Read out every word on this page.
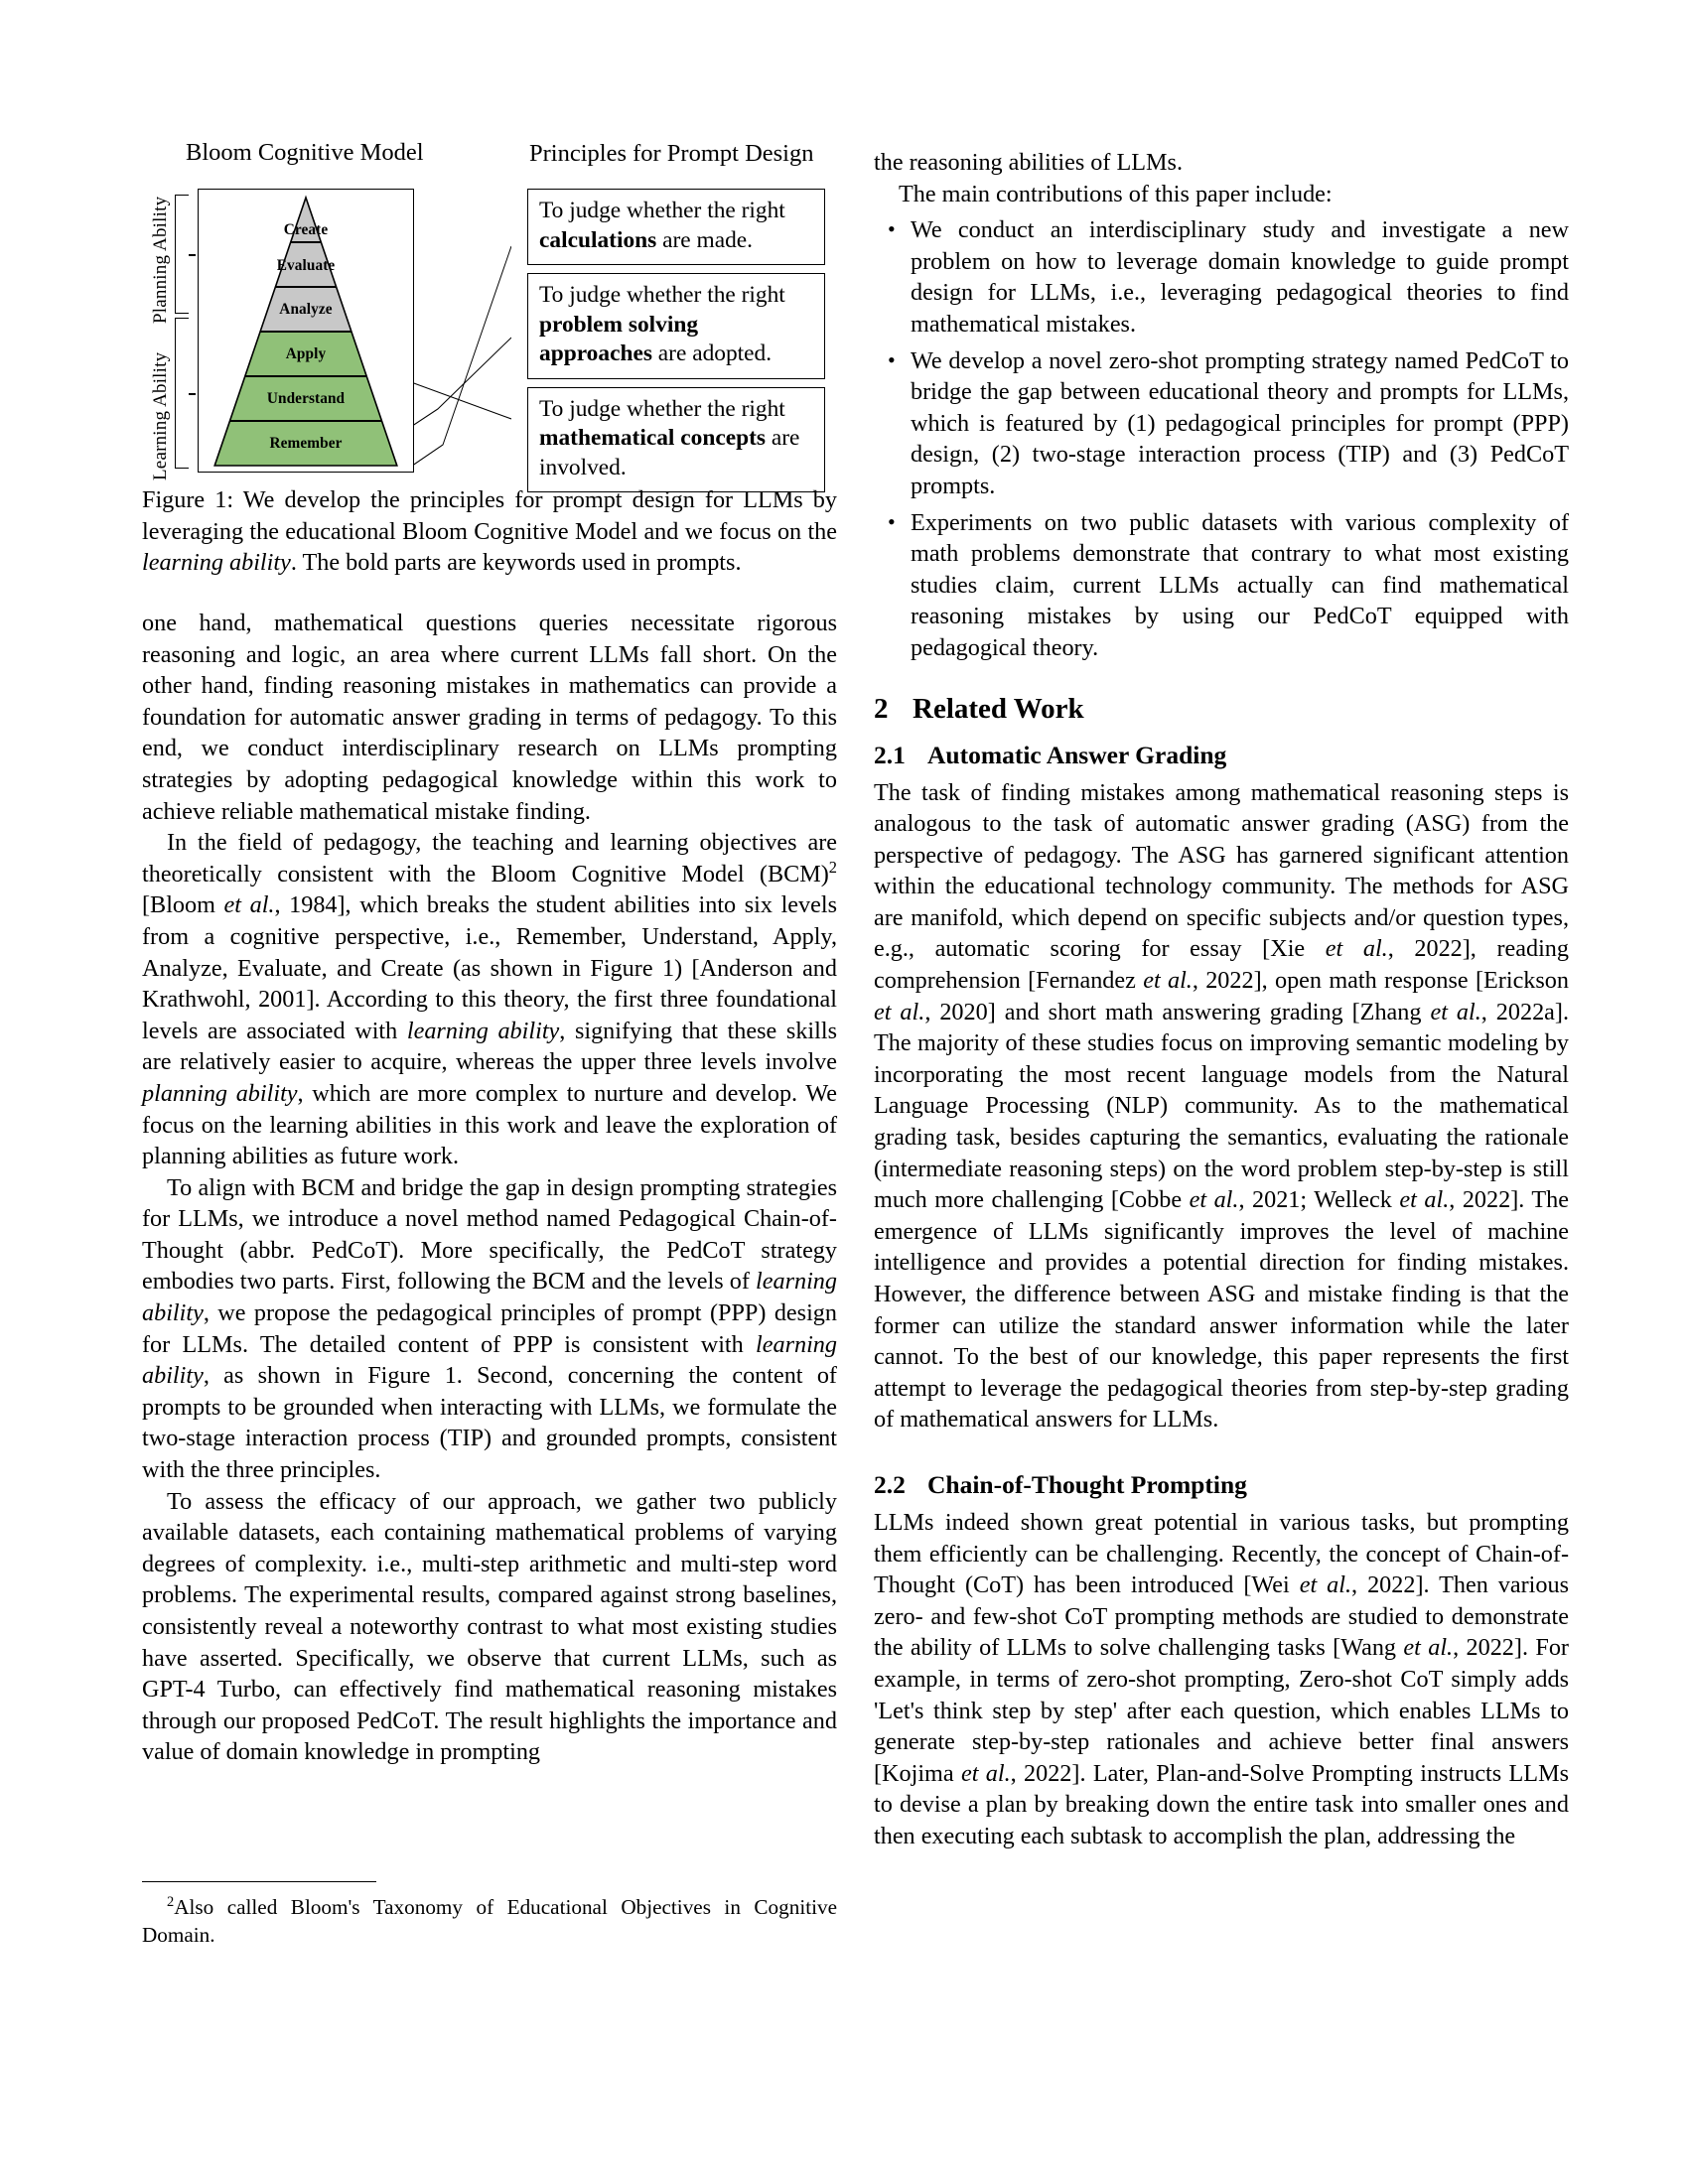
Bloom Cognitive Model	Principles for Prompt Design
Planning Ability
Learning Ability
Create
Evaluate
Analyze
Apply
Understand
Remember
To judge whether the right calculations are made.
To judge whether the right problem solving approaches are adopted.
To judge whether the right mathematical concepts are involved.
Figure 1: We develop the principles for prompt design for LLMs by leveraging the educational Bloom Cognitive Model and we focus on the learning ability. The bold parts are keywords used in prompts.

one hand, mathematical questions queries necessitate rigorous reasoning and logic, an area where current LLMs fall short. On the other hand, finding reasoning mistakes in mathematics can provide a foundation for automatic answer grading in terms of pedagogy. To this end, we conduct interdisciplinary research on LLMs prompting strategies by adopting pedagogical knowledge within this work to achieve reliable mathematical mistake finding.

In the field of pedagogy, the teaching and learning objectives are theoretically consistent with the Bloom Cognitive Model (BCM)$^2$ [Bloom et al., 1984], which breaks the student abilities into six levels from a cognitive perspective, i.e., Remember, Understand, Apply, Analyze, Evaluate, and Create (as shown in Figure 1) [Anderson and Krathwohl, 2001]. According to this theory, the first three foundational levels are associated with learning ability, signifying that these skills are relatively easier to acquire, whereas the upper three levels involve planning ability, which are more complex to nurture and develop. We focus on the learning abilities in this work and leave the exploration of planning abilities as future work.

To align with BCM and bridge the gap in design prompting strategies for LLMs, we introduce a novel method named Pedagogical Chain-of-Thought (abbr. PedCoT). More specifically, the PedCoT strategy embodies two parts. First, following the BCM and the levels of learning ability, we propose the pedagogical principles of prompt (PPP) design for LLMs. The detailed content of PPP is consistent with learning ability, as shown in Figure 1. Second, concerning the content of prompts to be grounded when interacting with LLMs, we formulate the two-stage interaction process (TIP) and grounded prompts, consistent with the three principles.

To assess the efficacy of our approach, we gather two publicly available datasets, each containing mathematical problems of varying degrees of complexity. i.e., multi-step arithmetic and multi-step word problems. The experimental results, compared against strong baselines, consistently reveal a noteworthy contrast to what most existing studies have asserted. Specifically, we observe that current LLMs, such as GPT-4 Turbo, can effectively find mathematical reasoning mistakes through our proposed PedCoT. The result highlights the importance and value of domain knowledge in prompting

$^2$Also called Bloom's Taxonomy of Educational Objectives in Cognitive Domain.

the reasoning abilities of LLMs.

The main contributions of this paper include:

• We conduct an interdisciplinary study and investigate a new problem on how to leverage domain knowledge to guide prompt design for LLMs, i.e., leveraging pedagogical theories to find mathematical mistakes.
• We develop a novel zero-shot prompting strategy named PedCoT to bridge the gap between educational theory and prompts for LLMs, which is featured by (1) pedagogical principles for prompt (PPP) design, (2) two-stage interaction process (TIP) and (3) PedCoT prompts.
• Experiments on two public datasets with various complexity of math problems demonstrate that contrary to what most existing studies claim, current LLMs actually can find mathematical reasoning mistakes by using our PedCoT equipped with pedagogical theory.
2 Related Work
2.1 Automatic Answer Grading

The task of finding mistakes among mathematical reasoning steps is analogous to the task of automatic answer grading (ASG) from the perspective of pedagogy. The ASG has garnered significant attention within the educational technology community. The methods for ASG are manifold, which depend on specific subjects and/or question types, e.g., automatic scoring for essay [Xie et al., 2022], reading comprehension [Fernandez et al., 2022], open math response [Erickson et al., 2020] and short math answering grading [Zhang et al., 2022a]. The majority of these studies focus on improving semantic modeling by incorporating the most recent language models from the Natural Language Processing (NLP) community. As to the mathematical grading task, besides capturing the semantics, evaluating the rationale (intermediate reasoning steps) on the word problem step-by-step is still much more challenging [Cobbe et al., 2021; Welleck et al., 2022]. The emergence of LLMs significantly improves the level of machine intelligence and provides a potential direction for finding mistakes. However, the difference between ASG and mistake finding is that the former can utilize the standard answer information while the later cannot. To the best of our knowledge, this paper represents the first attempt to leverage the pedagogical theories from step-by-step grading of mathematical answers for LLMs.

2.2 Chain-of-Thought Prompting

LLMs indeed shown great potential in various tasks, but prompting them efficiently can be challenging. Recently, the concept of Chain-of-Thought (CoT) has been introduced [Wei et al., 2022]. Then various zero- and few-shot CoT prompting methods are studied to demonstrate the ability of LLMs to solve challenging tasks [Wang et al., 2022]. For example, in terms of zero-shot prompting, Zero-shot CoT simply adds 'Let's think step by step' after each question, which enables LLMs to generate step-by-step rationales and achieve better final answers [Kojima et al., 2022]. Later, Plan-and-Solve Prompting instructs LLMs to devise a plan by breaking down the entire task into smaller ones and then executing each subtask to accomplish the plan, addressing the
